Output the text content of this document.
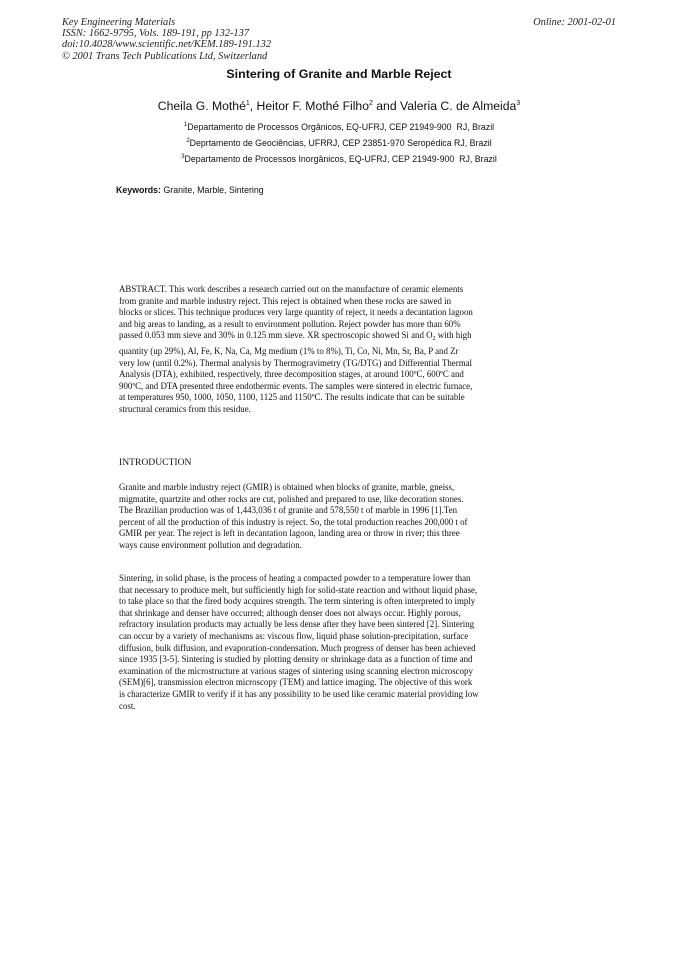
Key Engineering Materials
ISSN: 1662-9795, Vols. 189-191, pp 132-137
doi:10.4028/www.scientific.net/KEM.189-191.132
© 2001 Trans Tech Publications Ltd, Switzerland
Online: 2001-02-01
Sintering of Granite and Marble Reject
Cheila G. Mothé$^1$, Heitor F. Mothé Filho$^2$ and Valeria C. de Almeida$^3$
$^1$Departamento de Processos Orgânicos, EQ-UFRJ, CEP 21949-900  RJ, Brazil
$^2$Deprtamento de Geociências, UFRRJ, CEP 23851-970 Seropédica RJ, Brazil
$^3$Departamento de Processos Inorgânicos, EQ-UFRJ, CEP 21949-900  RJ, Brazil
Keywords: Granite, Marble, Sintering
ABSTRACT. This work describes a research carried out on the manufacture of ceramic elements
from granite and marble industry reject. This reject is obtained when these rocks are sawed in
blocks or slices. This technique produces very large quantity of reject, it needs a decantation lagoon
and big areas to landing, as a result to environment pollution. Reject powder has more than 60%
passed 0.053 mm sieve and 30% in 0.125 mm sieve. XR spectroscopic showed Si and $O_2$ with high
quantity (up 29%), Al, Fe, K, Na, Ca, Mg medium (1% to 8%), Ti, Co, Ni, Mn, Sr, Ba, P and Zr
very low (until 0.2%). Thermal analysis by Thermogravimetry (TG/DTG) and Differential Thermal
Analysis (DTA), exhibited, respectively, three decomposition stages, at around 100ºC, 600ºC and
900ºC, and DTA presented three endothermic events. The samples were sintered in electric furnace,
at temperatures 950, 1000, 1050, 1100, 1125 and 1150ºC. The results indicate that can be suitable
structural ceramics from this residue.
INTRODUCTION
Granite and marble industry reject (GMIR) is obtained when blocks of granite, marble, gneiss,
migmatite, quartzite and other rocks are cut, polished and prepared to use, like decoration stones.
The Brazilian production was of 1,443,036 t of granite and 578,550 t of marble in 1996 [1].Ten
percent of all the production of this industry is reject. So, the total production reaches 200,000 t of
GMIR per year. The reject is left in decantation lagoon, landing area or throw in river; this three
ways cause environment pollution and degradation.
Sintering, in solid phase, is the process of heating a compacted powder to a temperature lower than
that necessary to produce melt, but sufficiently high for solid-state reaction and without liquid phase,
to take place so that the fired body acquires strength. The term sintering is often interpreted to imply
that shrinkage and denser have occurred; although denser does not always occur. Highly porous,
refractory insulation products may actually be less dense after they have been sintered [2]. Sintering
can occur by a variety of mechanisms as: viscous flow, liquid phase solution-precipitation, surface
diffusion, bulk diffusion, and evaporation-condensation. Much progress of denser has been achieved
since 1935 [3-5]. Sintering is studied by plotting density or shrinkage data as a function of time and
examination of the microstructure at various stages of sintering using scanning electron microscopy
(SEM)[6], transmission electron microscopy (TEM) and lattice imaging. The objective of this work
is characterize GMIR to verify if it has any possibility to be used like ceramic material providing low
cost.
